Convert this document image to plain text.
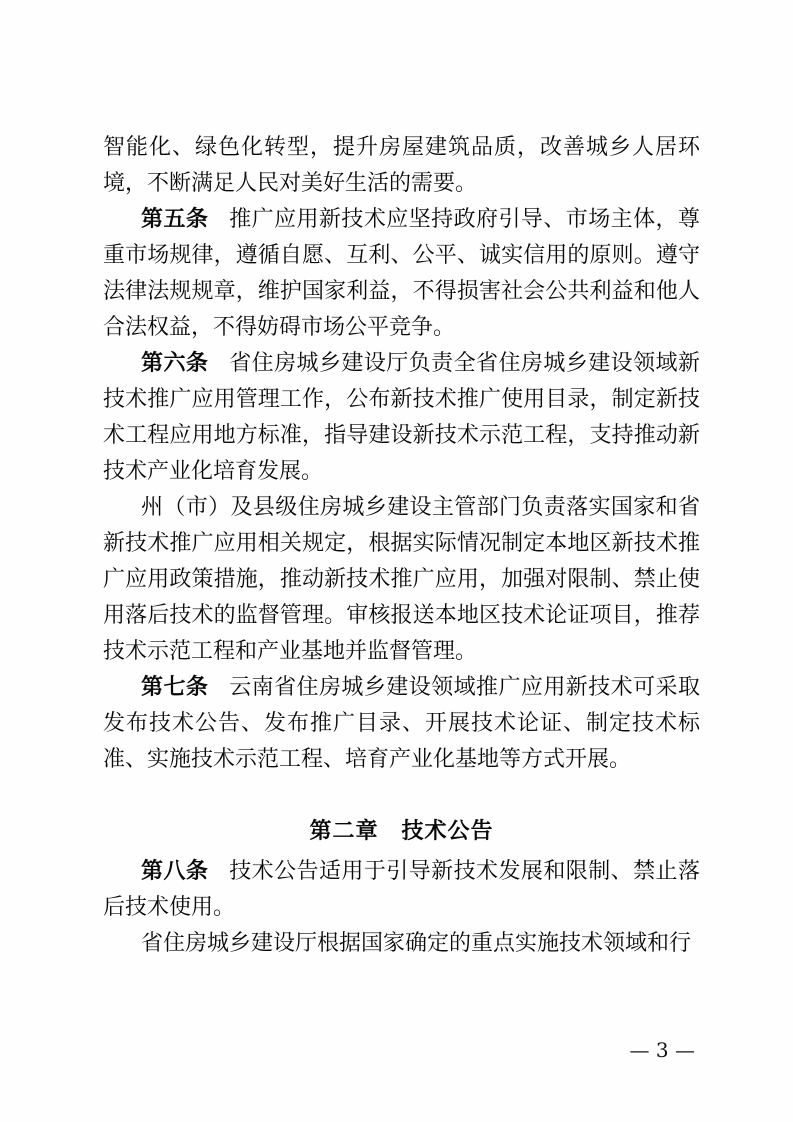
智能化、绿色化转型，提升房屋建筑品质，改善城乡人居环境，不断满足人民对美好生活的需要。

第五条 推广应用新技术应坚持政府引导、市场主体，尊重市场规律，遵循自愿、互利、公平、诚实信用的原则。遵守法律法规规章，维护国家利益，不得损害社会公共利益和他人合法权益，不得妨碍市场公平竞争。

第六条 省住房城乡建设厅负责全省住房城乡建设领域新技术推广应用管理工作，公布新技术推广使用目录，制定新技术工程应用地方标准，指导建设新技术示范工程，支持推动新技术产业化培育发展。

州（市）及县级住房城乡建设主管部门负责落实国家和省新技术推广应用相关规定，根据实际情况制定本地区新技术推广应用政策措施，推动新技术推广应用，加强对限制、禁止使用落后技术的监督管理。审核报送本地区技术论证项目，推荐技术示范工程和产业基地并监督管理。

第七条 云南省住房城乡建设领域推广应用新技术可采取发布技术公告、发布推广目录、开展技术论证、制定技术标准、实施技术示范工程、培育产业化基地等方式开展。

第二章　技术公告

第八条 技术公告适用于引导新技术发展和限制、禁止落后技术使用。

省住房城乡建设厅根据国家确定的重点实施技术领域和行

— 3 —
